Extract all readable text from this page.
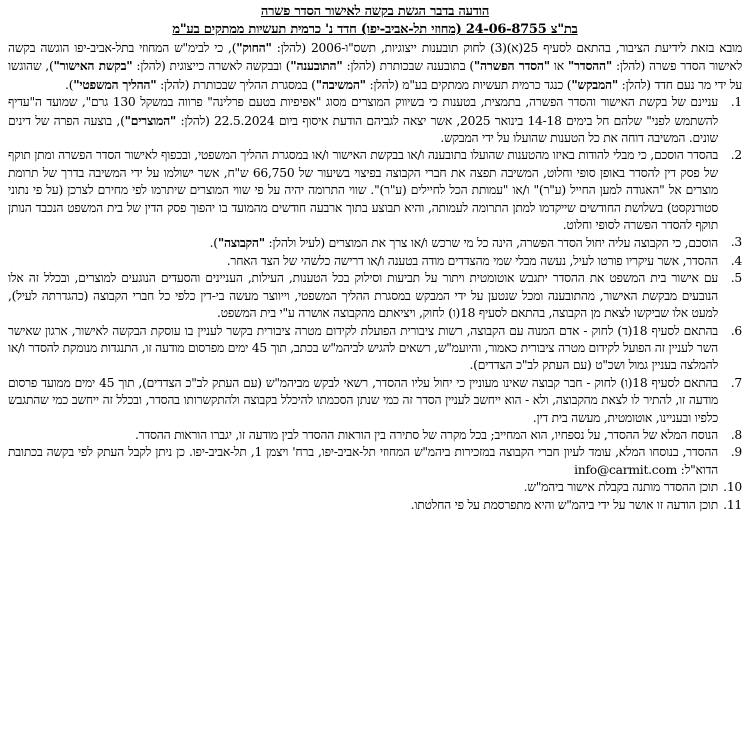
הודעה בדבר הגשת בקשה לאישור הסדר פשרה
בת"צ 24-06-8755 (מחוזי תל-אביב-יפו) חדד נ' כרמית תעשיות ממתקים בע"מ

מובא בזאת לידיעת הציבור, בהתאם לסעיף 25(א)(3) לחוק תובענות ייצוגיות, תשס"ו-2006 (להלן: "החוק"), כי לבימ"ש המחוזי בתל-אביב-יפו הוגשה בקשה לאישור הסדר פשרה (להלן: "ההסדר" או "הסדר הפשרה") בתובענה שבכותרת (להלן: "התובענה") ובבקשה לאשרה כייצוגית (להלן: "בקשת האישור"), שהוגשו על ידי מר נעם חדד (להלן: "המבקש") כנגד כרמית תעשיות ממתקים בע"מ (להלן: "המשיבה") במסגרת ההליך שבכותרת (להלן: "ההליך המשפטי").

1.
עניינם של בקשת האישור והסדר הפשרה, בתמצית, בטענות כי בשיווק המוצרים מסוג "אפיפיות בטעם פרלינה" פרווה במשקל 130 גרם", שמועד ה"עדיף להשתמש לפני" שלהם חל בימים 14-18 בינואר 2025, אשר יצאה לגביהם הודעת איסוף ביום 22.5.2024 (להלן: "המוצרים"), בוצעה הפרה של דינים שונים. המשיבה דוחה את כל הטענות שהועלו על ידי המבקש.
2.
בהסדר הוסכם, כי מבלי להודות באיזו מהטענות שהועלו בתובענה ו/או בבקשת האישור ו/או במסגרת ההליך המשפטי, ובכפוף לאישור הסדר הפשרה ומתן תוקף של פסק דין להסדר באופן סופי וחלוט, המשיבה תפצה את חברי הקבוצה בפיצוי בשיעור של 66,750 ש"ח, אשר ישולמו על ידי המשיבה בדרך של תרומת מוצרים אל "האגודה למען החייל (ע"ר)" ו/או "עמותת הכל לחיילים (ע"ר)". שווי התרומה יהיה על פי שווי המוצרים שיתרמו לפי מחירם לצרכן (על פי נתוני סטורנקסט) בשלושת החודשים שייקדמו למתן התרומה לעמותה, והיא תבוצע בתוך ארבעה חודשים מהמועד בו יהפוך פסק הדין של בית המשפט הנכבד הנותן תוקף להסדר הפשרה לסופי וחלוט.
3.
הוסכם, כי הקבוצה עליה יחול הסדר הפשרה, הינה כל מי שרכש ו/או צרך את המוצרים (לעיל ולהלן: "הקבוצה").
4.
ההסדר, אשר עיקריו פורטו לעיל, נעשה מבלי שמי מהצדדים מודה בטענה ו/או דרישה כלשהי של הצד האחר.
5.
עם אישור בית המשפט את ההסדר יתגבש אוטומטית ויתור על תביעות וסילוק בכל הטענות, העילות, העניינים והסעדים הנוגעים למוצרים, ובכלל זה אלו הנובעים מבקשת האישור, מהתובענה ומכל שנטען על ידי המבקש במסגרת ההליך המשפטי, וייווצר מעשה בי-דין כלפי כל חברי הקבוצה (כהגדרתה לעיל), למעט אלו שביקשו לצאת מן הקבוצה, בהתאם לסעיף 18(ו) לחוק, ויציאתם מהקבוצה אושרה ע"י בית המשפט.
6.
בהתאם לסעיף 18(ד) לחוק - אדם המנוה עם הקבוצה, רשות ציבורית הפועלת לקידום מטרה ציבורית בקשר לעניין בו עוסקת הבקשה לאישור, ארגון שאישר השר לעניין זה הפועל לקידום מטרה ציבורית כאמור, והיועמ"ש, רשאים להגיש לביהמ"ש בכתב, תוך 45 ימים מפרסום מודעה זו, התנגדות מנומקת להסדר ו/או להמלצה בעניין גמול ושכ"ט (עם העתק לב"כ הצדדים).
7.
בהתאם לסעיף 18(ו) לחוק - חבר קבוצה שאינו מעוניין כי יחול עליו ההסדר, רשאי לבקש מביהמ"ש (עם העתק לב"כ הצדדים), תוך 45 ימים ממועד פרסום מודעה זו, להתיר לו לצאת מהקבוצה, ולא - הוא ייחשב לעניין הסדר זה כמי שנתן הסכמתו להיכלל בקבוצה ולהתקשרותו בהסדר, ובכלל זה ייחשב כמי שהתגבש כלפיו ובעניינו, אוטומטית, מעשה בית דין.
8.
הנוסח המלא של ההסדר, על נספחיו, הוא המחייב; בכל מקרה של סתירה בין הוראות ההסדר לבין מודעה זו, יגברו הוראות ההסדר.
9.
ההסדר, בנוסחו המלא, עומד לעיון חברי הקבוצה במזכירות ביהמ"ש המחוזי תל-אביב-יפו, ברח' ויצמן 1, תל-אביב-יפו. כן ניתן לקבל העתק לפי בקשה בכתובת הדוא"ל: info@carmit.com
10.
תוכן ההסדר מותנה בקבלת אישור ביהמ"ש.
11.
תוכן הודעה זו אושר על ידי ביהמ"ש והיא מתפרסמת על פי החלטתו.
